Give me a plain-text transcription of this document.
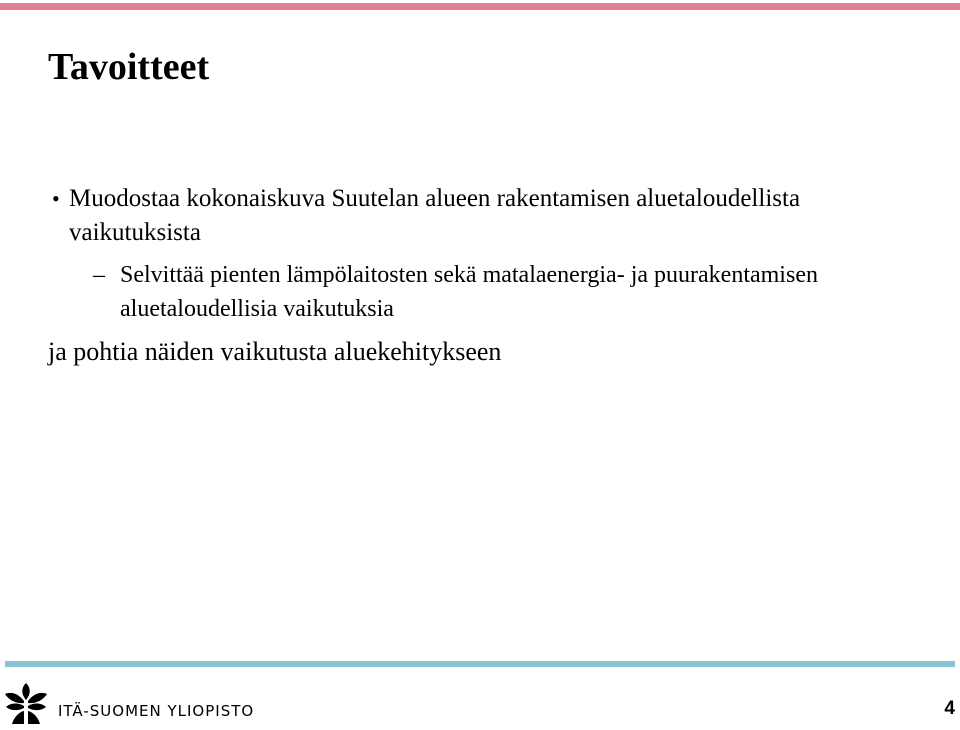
Tavoitteet
• Muodostaa kokonaiskuva Suutelan alueen rakentamisen aluetaloudellista vaikutuksista
– Selvittää pienten lämpölaitosten sekä matalaenergia- ja puurakentamisen aluetaloudellisia vaikutuksia
ja pohtia näiden vaikutusta aluekehitykseen
ITÄ-SUOMEN YLIOPISTO	4
